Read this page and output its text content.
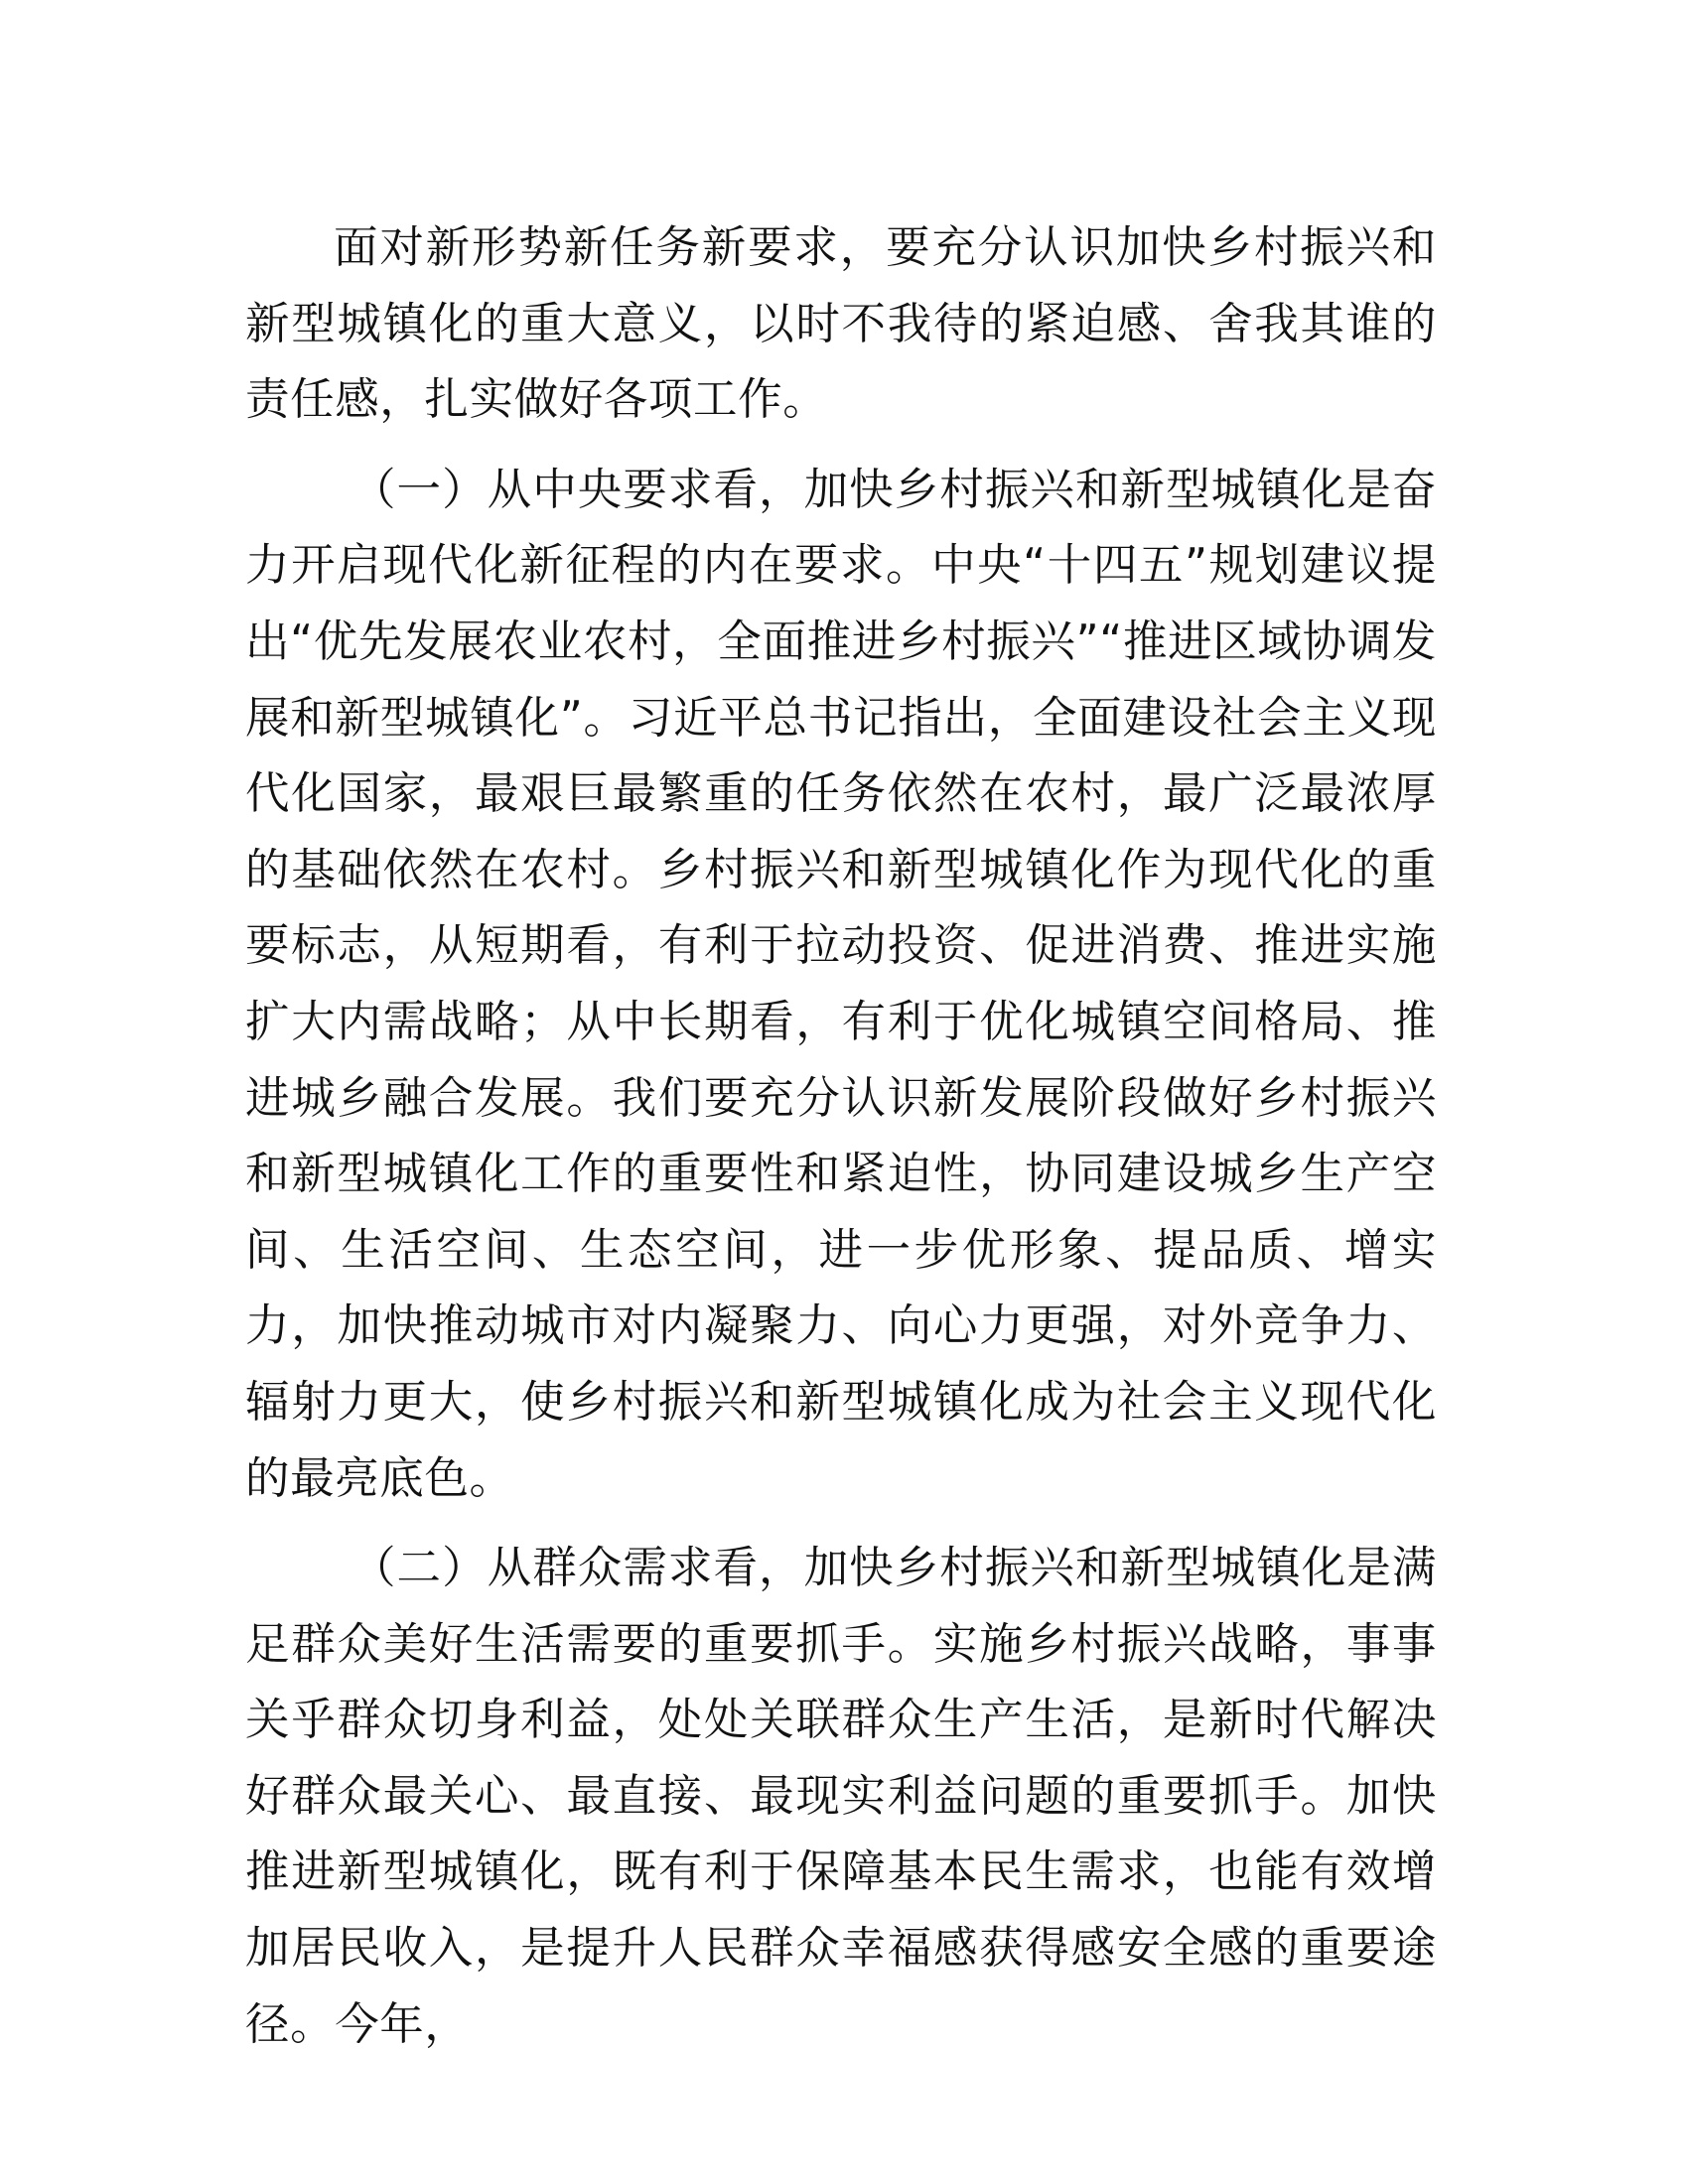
面对新形势新任务新要求，要充分认识加快乡村振兴和新型城镇化的重大意义，以时不我待的紧迫感、舍我其谁的责任感，扎实做好各项工作。

（一）从中央要求看，加快乡村振兴和新型城镇化是奋力开启现代化新征程的内在要求。中央“十四五”规划建议提出“优先发展农业农村，全面推进乡村振兴”“推进区域协调发展和新型城镇化”。习近平总书记指出，全面建设社会主义现代化国家，最艰巨最繁重的任务依然在农村，最广泛最浓厚的基础依然在农村。乡村振兴和新型城镇化作为现代化的重要标志，从短期看，有利于拉动投资、促进消费、推进实施扩大内需战略；从中长期看，有利于优化城镇空间格局、推进城乡融合发展。我们要充分认识新发展阶段做好乡村振兴和新型城镇化工作的重要性和紧迫性，协同建设城乡生产空间、生活空间、生态空间，进一步优形象、提品质、增实力，加快推动城市对内凝聚力、向心力更强，对外竞争力、辐射力更大，使乡村振兴和新型城镇化成为社会主义现代化的最亮底色。

（二）从群众需求看，加快乡村振兴和新型城镇化是满足群众美好生活需要的重要抓手。实施乡村振兴战略，事事关乎群众切身利益，处处关联群众生产生活，是新时代解决好群众最关心、最直接、最现实利益问题的重要抓手。加快推进新型城镇化，既有利于保障基本民生需求，也能有效增加居民收入，是提升人民群众幸福感获得感安全感的重要途径。今年，
